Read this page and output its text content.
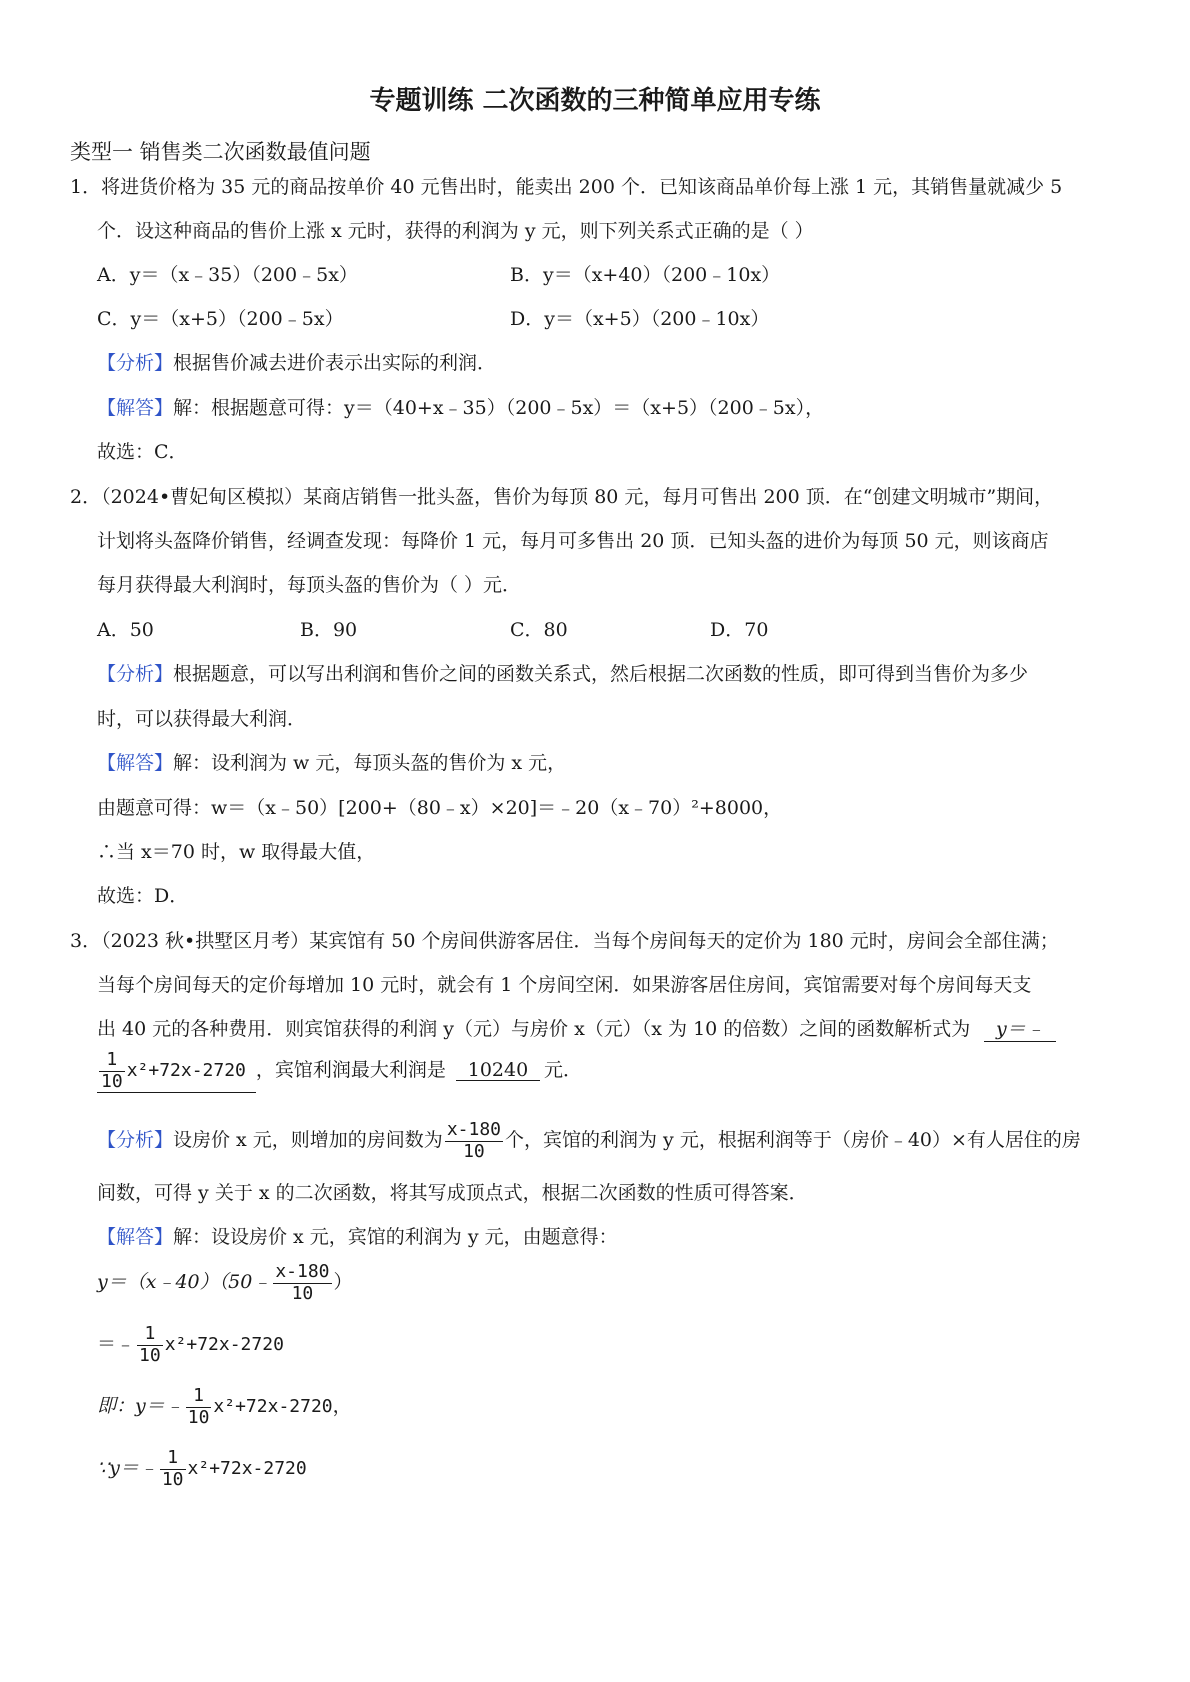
专题训练 二次函数的三种简单应用专练
类型一 销售类二次函数最值问题
1．将进货价格为 35 元的商品按单价 40 元售出时，能卖出 200 个．已知该商品单价每上涨 1 元，其销售量就减少 5
个．设这种商品的售价上涨 x 元时，获得的利润为 y 元，则下列关系式正确的是（ ）
A．y＝（x﹣35）（200﹣5x）	B．y＝（x+40）（200﹣10x）
C．y＝（x+5）（200﹣5x）	D．y＝（x+5）（200﹣10x）
【分析】根据售价减去进价表示出实际的利润．
【解答】解：根据题意可得：y＝（40+x﹣35）（200﹣5x）＝（x+5）（200﹣5x），
故选：C．
2．（2024•曹妃甸区模拟）某商店销售一批头盔，售价为每顶 80 元，每月可售出 200 顶．在“创建文明城市”期间，
计划将头盔降价销售，经调查发现：每降价 1 元，每月可多售出 20 顶．已知头盔的进价为每顶 50 元，则该商店
每月获得最大利润时，每顶头盔的售价为（ ）元．
A．50	B．90	C．80	D．70
【分析】根据题意，可以写出利润和售价之间的函数关系式，然后根据二次函数的性质，即可得到当售价为多少
时，可以获得最大利润．
【解答】解：设利润为 w 元，每顶头盔的售价为 x 元，
由题意可得：w＝（x﹣50）[200+（80﹣x）×20]＝﹣20（x﹣70）²+8000，
∴当 x＝70 时，w 取得最大值，
故选：D．
3．（2023 秋•拱墅区月考）某宾馆有 50 个房间供游客居住．当每个房间每天的定价为 180 元时，房间会全部住满；
当每个房间每天的定价每增加 10 元时，就会有 1 个房间空闲．如果游客居住房间，宾馆需要对每个房间每天支
出 40 元的各种费用．则宾馆获得的利润 y（元）与房价 x（元）（x 为 10 的倍数）之间的函数解析式为 y＝﹣
$\frac{1}{10} x^2+72x-2720$ ，宾馆利润最大利润是 10240 元．
【分析】设房价 x 元，则增加的房间数为 $\frac{x-180}{10}$ 个，宾馆的利润为 y 元，根据利润等于（房价﹣40）×有人居住的房
间数，可得 y 关于 x 的二次函数，将其写成顶点式，根据二次函数的性质可得答案．
【解答】解：设设房价 x 元，宾馆的利润为 y 元，由题意得：
y＝（x﹣40）（50﹣ $\frac{x-180}{10}$ ）
＝﹣ $\frac{1}{10} x^2+72x-2720$
即：y＝﹣ $\frac{1}{10} x^2+72x-2720$，
∵y＝﹣ $\frac{1}{10} x^2+72x-2720$
